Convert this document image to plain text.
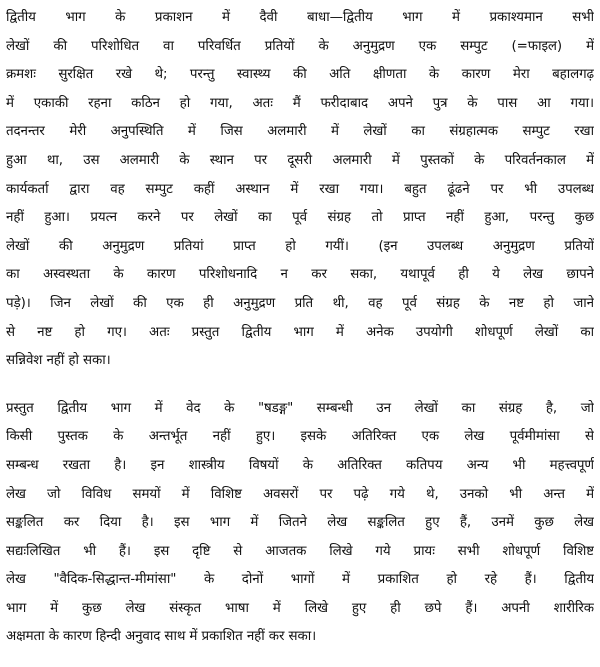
द्वितीय भाग के प्रकाशन में दैवी बाधा—द्वितीय भाग में प्रकाश्यमान सभी
लेखों की परिशोधित वा परिवर्धित प्रतियों के अनुमुद्रण एक सम्पुट (=फाइल) में
क्रमशः सुरक्षित रखे थे; परन्तु स्वास्थ्य की अति क्षीणता के कारण मेरा बहालगढ़
में एकाकी रहना कठिन हो गया, अतः मैं फरीदाबाद अपने पुत्र के पास आ गया।
तदनन्तर मेरी अनुपस्थिति में जिस अलमारी में लेखों का संग्रहात्मक सम्पुट रखा
हुआ था, उस अलमारी के स्थान पर दूसरी अलमारी में पुस्तकों के परिवर्तनकाल में
कार्यकर्ता द्वारा वह सम्पुट कहीं अस्थान में रखा गया। बहुत ढूंढने पर भी उपलब्ध
नहीं हुआ। प्रयत्न करने पर लेखों का पूर्व संग्रह तो प्राप्त नहीं हुआ, परन्तु कुछ
लेखों की अनुमुद्रण प्रतियां प्राप्त हो गयीं। (इन उपलब्ध अनुमुद्रण प्रतियों
का अस्वस्थता के कारण परिशोधनादि न कर सका, यथापूर्व ही ये लेख छापने
पड़े)। जिन लेखों की एक ही अनुमुद्रण प्रति थी, वह पूर्व संग्रह के नष्ट हो जाने
से नष्ट हो गए। अतः प्रस्तुत द्वितीय भाग में अनेक उपयोगी शोधपूर्ण लेखों का
सन्निवेश नहीं हो सका।

प्रस्तुत द्वितीय भाग में वेद के "षडङ्ग" सम्बन्धी उन लेखों का संग्रह है, जो
किसी पुस्तक के अन्तर्भूत नहीं हुए। इसके अतिरिक्त एक लेख पूर्वमीमांसा से
सम्बन्ध रखता है। इन शास्त्रीय विषयों के अतिरिक्त कतिपय अन्य भी महत्त्वपूर्ण
लेख जो विविध समयों में विशिष्ट अवसरों पर पढ़े गये थे, उनको भी अन्त में
सङ्कलित कर दिया है। इस भाग में जितने लेख सङ्कलित हुए हैं, उनमें कुछ लेख
सद्यःलिखित भी हैं। इस दृष्टि से आजतक लिखे गये प्रायः सभी शोधपूर्ण विशिष्ट
लेख "वैदिक-सिद्धान्त-मीमांसा" के दोनों भागों में प्रकाशित हो रहे हैं। द्वितीय
भाग में कुछ लेख संस्कृत भाषा में लिखे हुए ही छपे हैं। अपनी शारीरिक
अक्षमता के कारण हिन्दी अनुवाद साथ में प्रकाशित नहीं कर सका।
